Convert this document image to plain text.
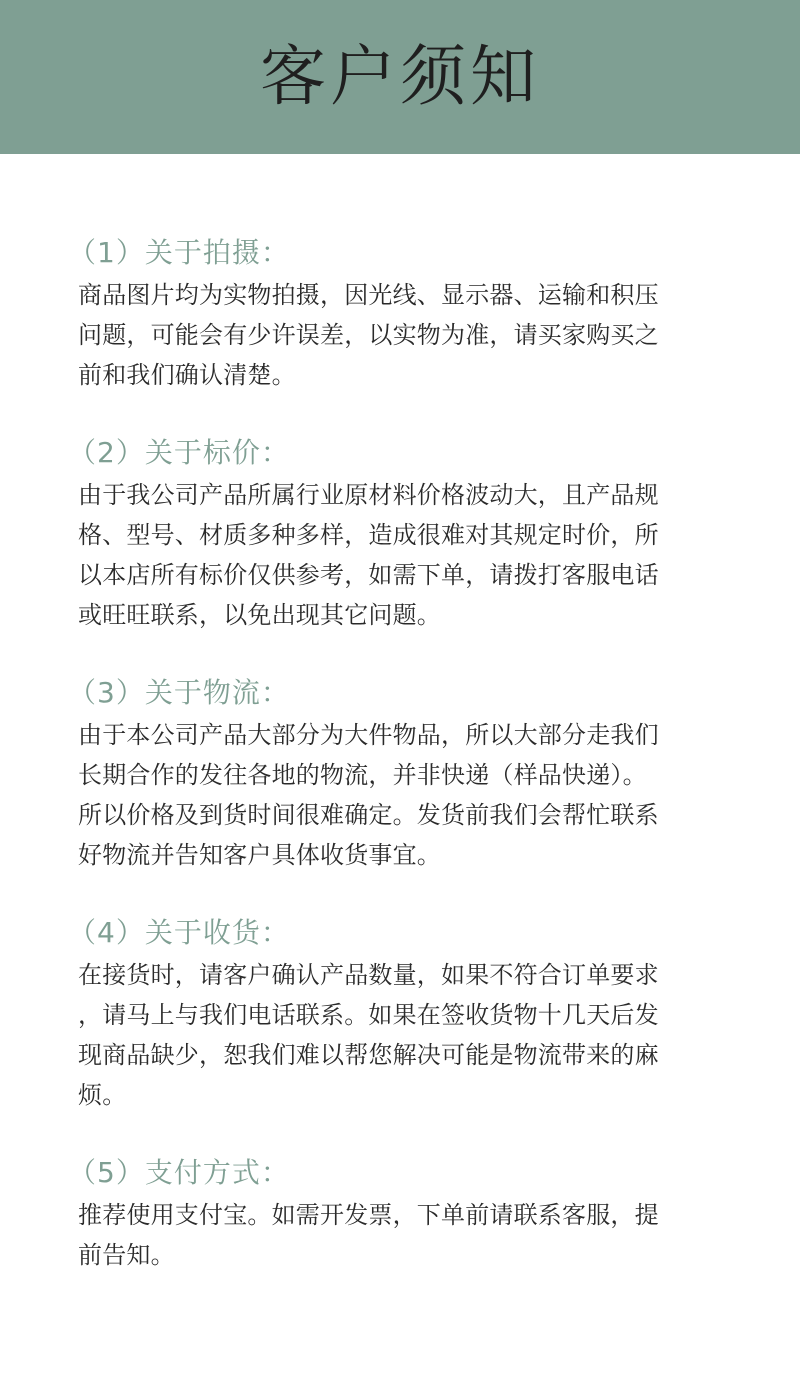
客户须知
（1）关于拍摄：

商品图片均为实物拍摄，因光线、显示器、运输和积压

问题，可能会有少许误差，以实物为准，请买家购买之

前和我们确认清楚。

（2）关于标价：

由于我公司产品所属行业原材料价格波动大，且产品规

格、型号、材质多种多样，造成很难对其规定时价，所

以本店所有标价仅供参考，如需下单，请拨打客服电话

或旺旺联系，以免出现其它问题。

（3）关于物流：

由于本公司产品大部分为大件物品，所以大部分走我们

长期合作的发往各地的物流，并非快递（样品快递）。

所以价格及到货时间很难确定。发货前我们会帮忙联系

好物流并告知客户具体收货事宜。

（4）关于收货：

在接货时，请客户确认产品数量，如果不符合订单要求

，请马上与我们电话联系。如果在签收货物十几天后发

现商品缺少，恕我们难以帮您解决可能是物流带来的麻

烦。

（5）支付方式：

推荐使用支付宝。如需开发票，下单前请联系客服，提

前告知。
